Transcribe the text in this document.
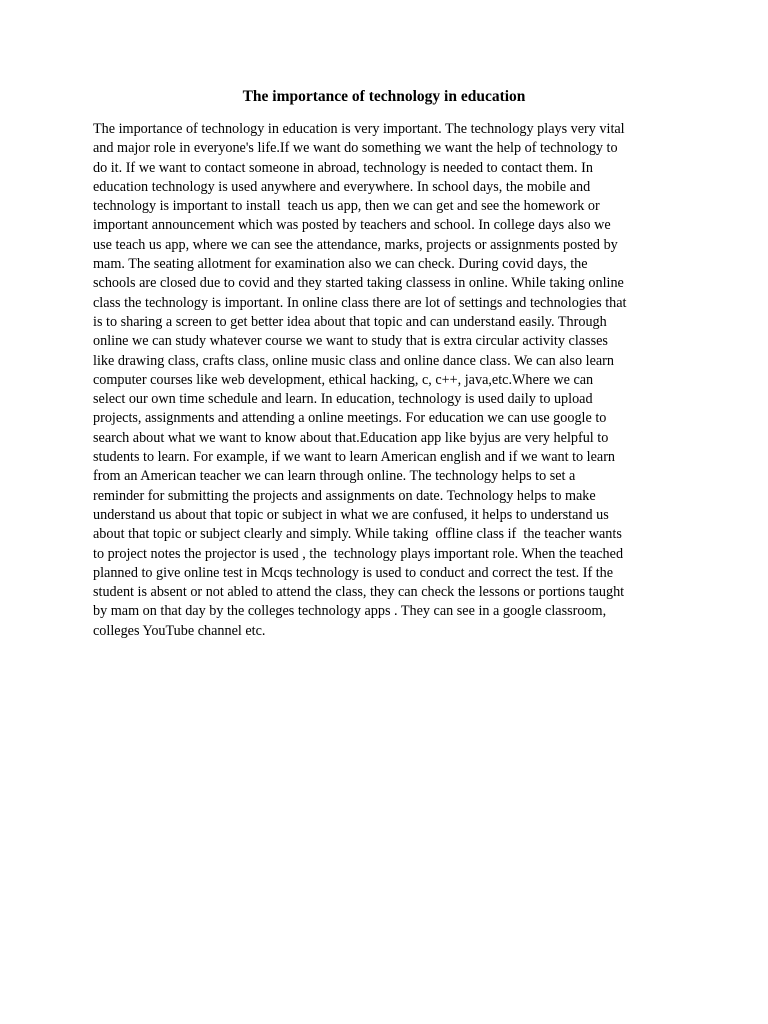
The importance of technology in education
The importance of technology in education is very important. The technology plays very vital
and major role in everyone's life.If we want do something we want the help of technology to
do it. If we want to contact someone in abroad, technology is needed to contact them. In
education technology is used anywhere and everywhere. In school days, the mobile and
technology is important to install  teach us app, then we can get and see the homework or
important announcement which was posted by teachers and school. In college days also we
use teach us app, where we can see the attendance, marks, projects or assignments posted by
mam. The seating allotment for examination also we can check. During covid days, the
schools are closed due to covid and they started taking classess in online. While taking online
class the technology is important. In online class there are lot of settings and technologies that
is to sharing a screen to get better idea about that topic and can understand easily. Through
online we can study whatever course we want to study that is extra circular activity classes
like drawing class, crafts class, online music class and online dance class. We can also learn
computer courses like web development, ethical hacking, c, c++, java,etc.Where we can
select our own time schedule and learn. In education, technology is used daily to upload
projects, assignments and attending a online meetings. For education we can use google to
search about what we want to know about that.Education app like byjus are very helpful to
students to learn. For example, if we want to learn American english and if we want to learn
from an American teacher we can learn through online. The technology helps to set a
reminder for submitting the projects and assignments on date. Technology helps to make
understand us about that topic or subject in what we are confused, it helps to understand us
about that topic or subject clearly and simply. While taking  offline class if  the teacher wants
to project notes the projector is used , the  technology plays important role. When the teached
planned to give online test in Mcqs technology is used to conduct and correct the test. If the
student is absent or not abled to attend the class, they can check the lessons or portions taught
by mam on that day by the colleges technology apps . They can see in a google classroom,
colleges YouTube channel etc.
